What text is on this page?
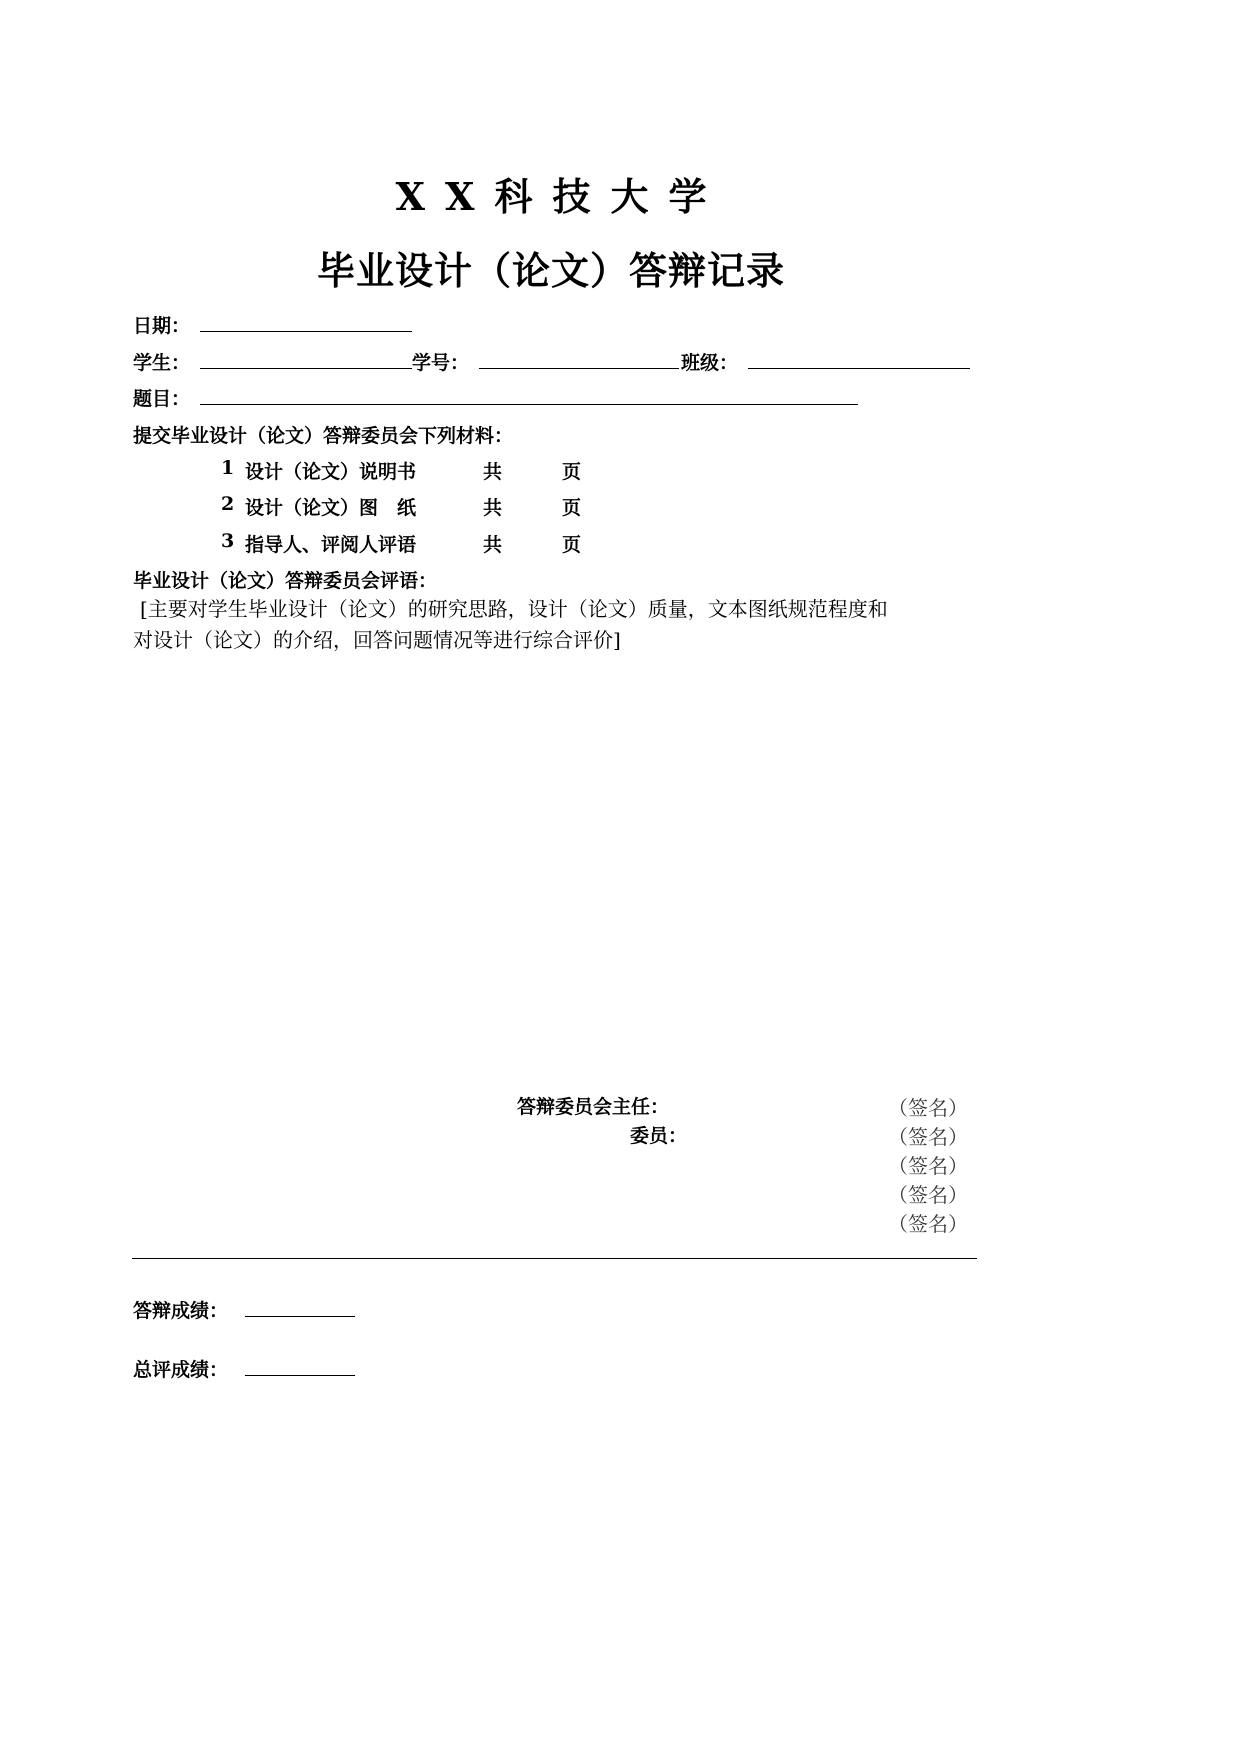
XX科技大学
毕业设计（论文）答辩记录
日期：
学生：	学号：	班级：
题目：
提交毕业设计（论文）答辩委员会下列材料：
1 设计（论文）说明书	共	页
2 设计（论文）图　纸	共	页
3 指导人、评阅人评语	共	页
毕业设计（论文）答辩委员会评语：
[主要对学生毕业设计（论文）的研究思路，设计（论文）质量，文本图纸规范程度和
对设计（论文）的介绍，回答问题情况等进行综合评价]
答辩委员会主任：	（签名）
委员：	（签名）
（签名）
（签名）
（签名）
答辩成绩：
总评成绩：
